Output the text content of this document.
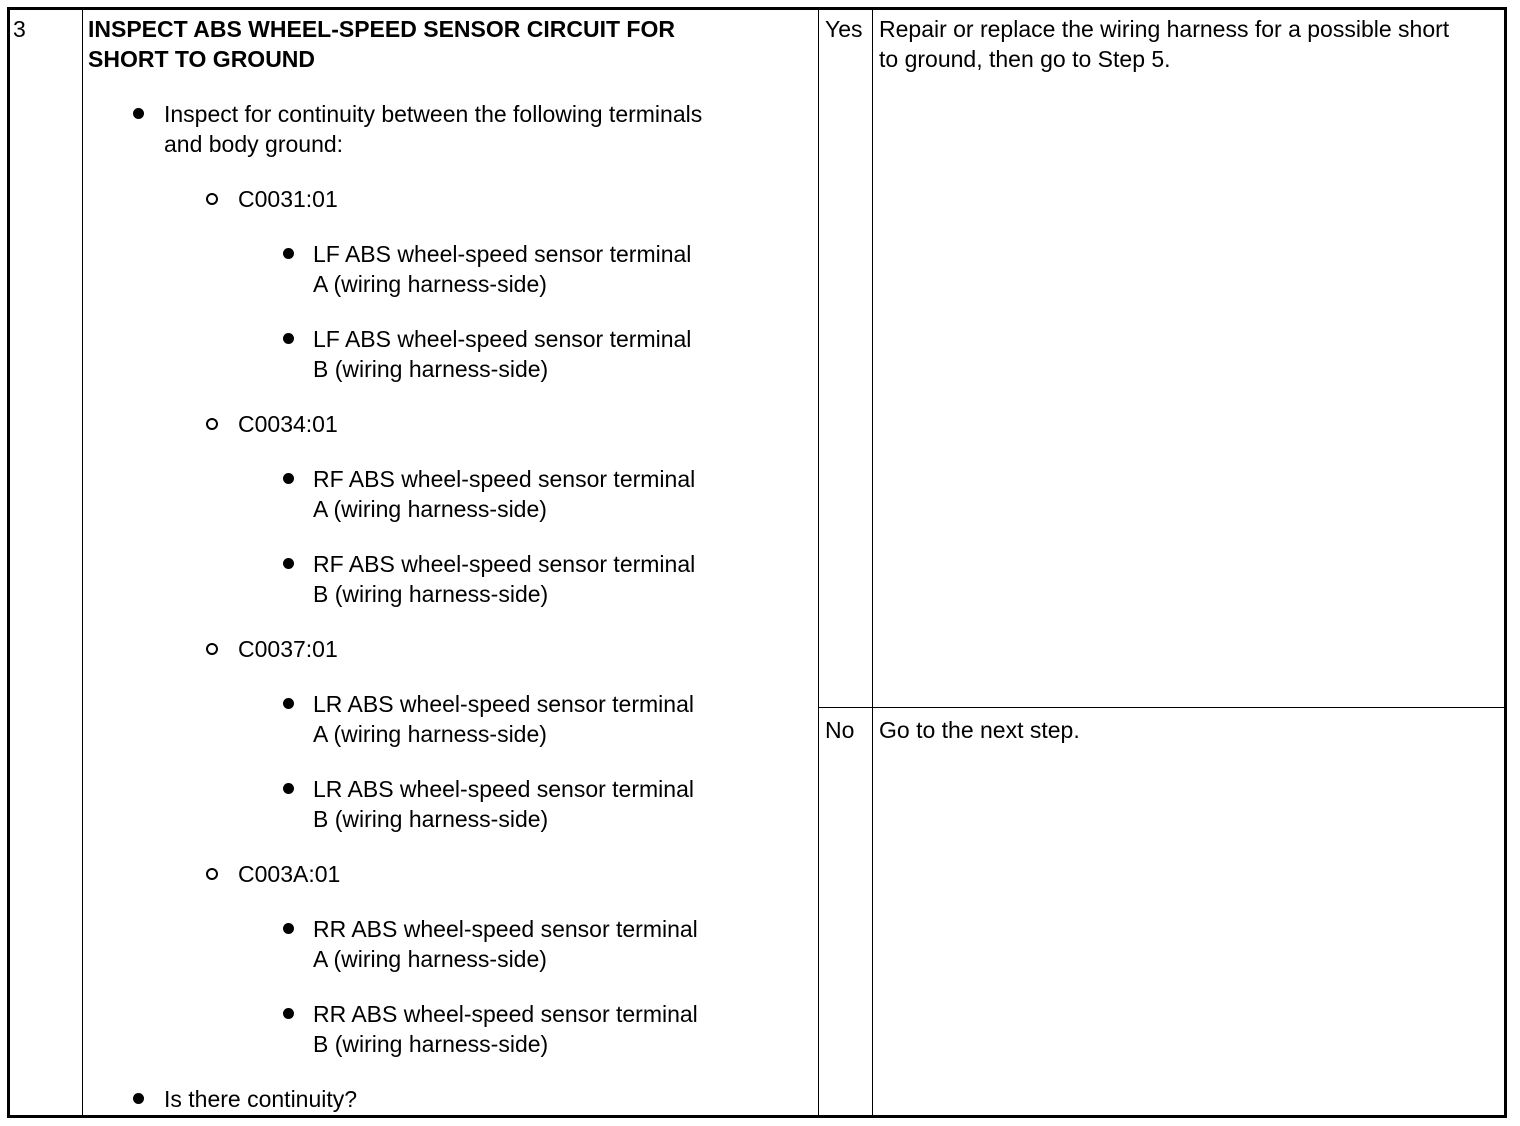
3	INSPECT ABS WHEEL-SPEED SENSOR CIRCUIT FOR
SHORT TO GROUND
Inspect for continuity between the following terminals
and body ground:
C0031:01
LF ABS wheel-speed sensor terminal
A (wiring harness-side)
LF ABS wheel-speed sensor terminal
B (wiring harness-side)
C0034:01
RF ABS wheel-speed sensor terminal
A (wiring harness-side)
RF ABS wheel-speed sensor terminal
B (wiring harness-side)
C0037:01
LR ABS wheel-speed sensor terminal
A (wiring harness-side)
LR ABS wheel-speed sensor terminal
B (wiring harness-side)
C003A:01
RR ABS wheel-speed sensor terminal
A (wiring harness-side)
RR ABS wheel-speed sensor terminal
B (wiring harness-side)
Is there continuity?
Yes Repair or replace the wiring harness for a possible short
to ground, then go to Step 5.
No Go to the next step.
